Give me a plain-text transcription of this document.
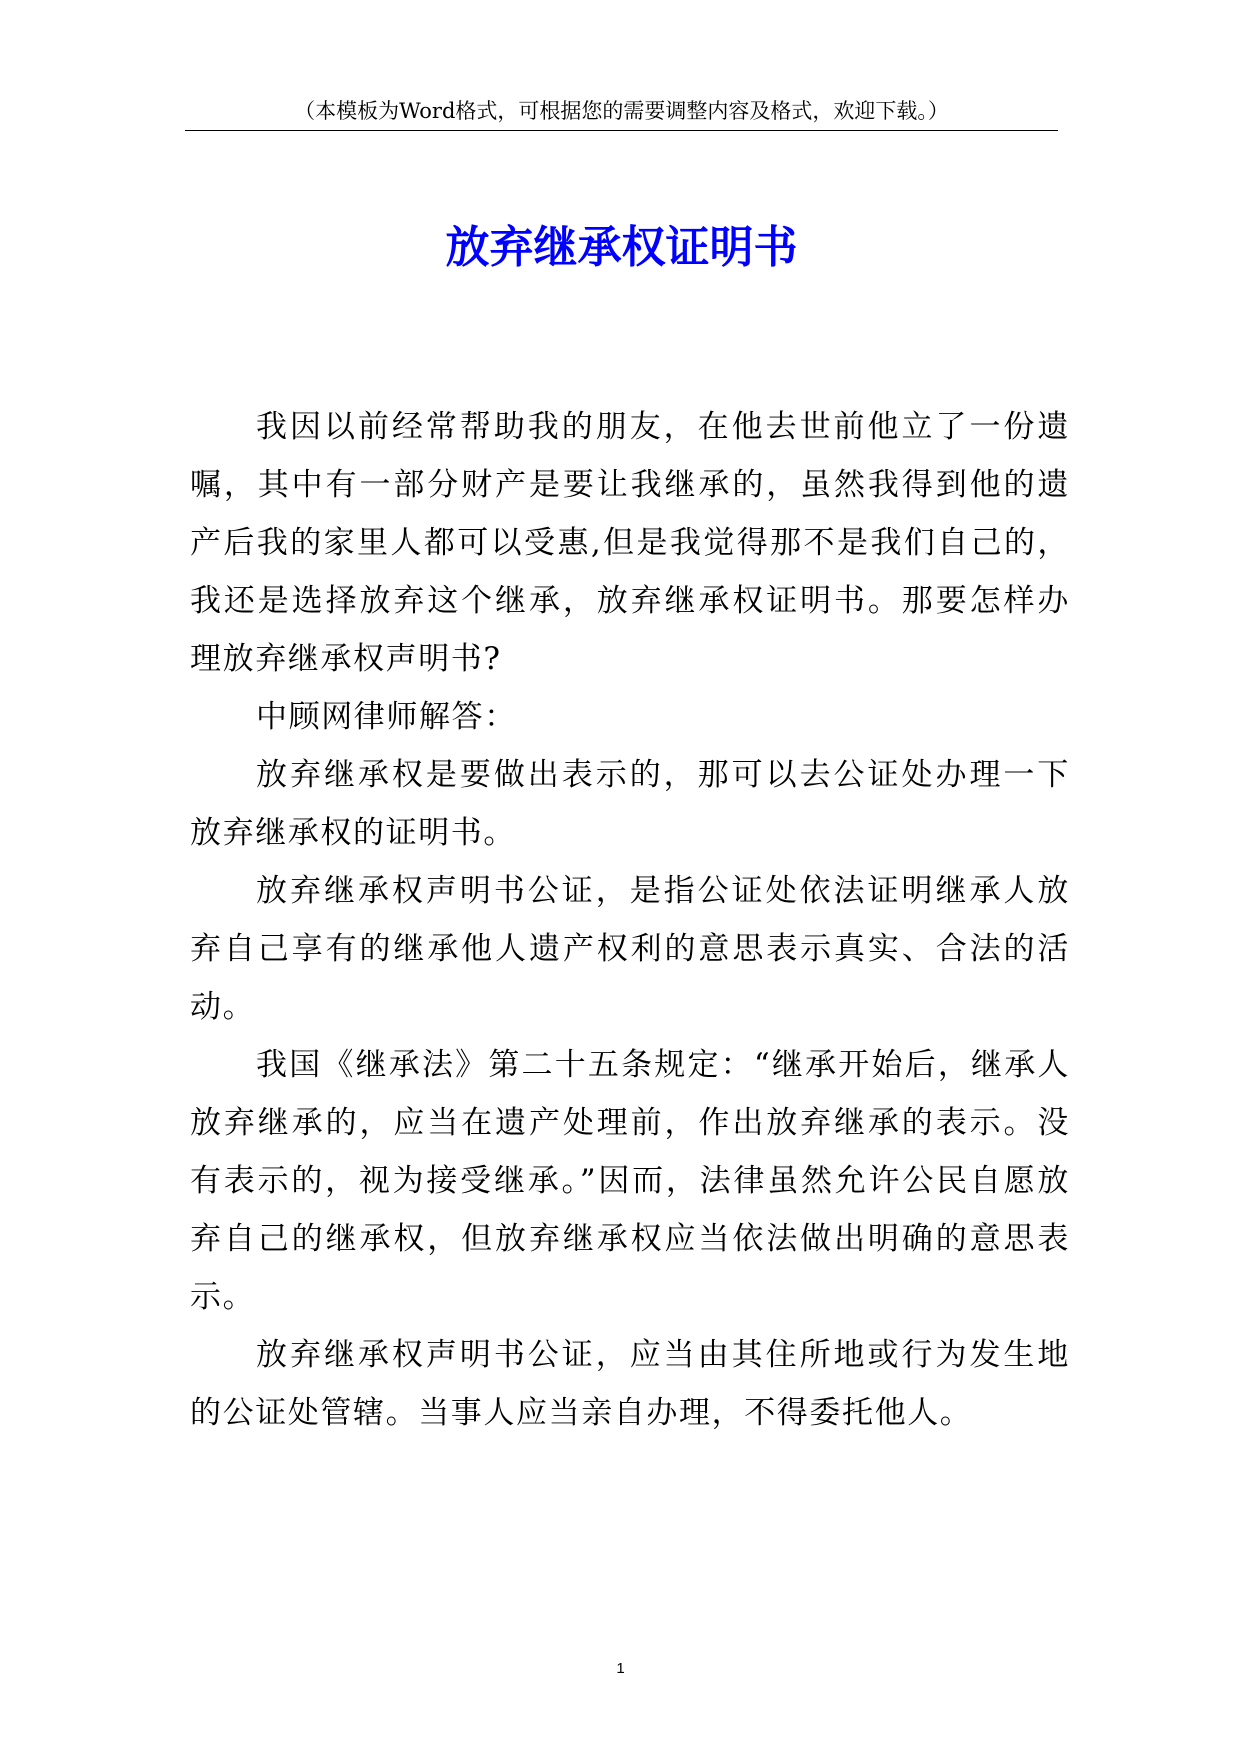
（本模板为Word格式，可根据您的需要调整内容及格式，欢迎下载。）
放弃继承权证明书

我因以前经常帮助我的朋友，在他去世前他立了一份遗嘱，其中有一部分财产是要让我继承的，虽然我得到他的遗产后我的家里人都可以受惠,但是我觉得那不是我们自己的，我还是选择放弃这个继承，放弃继承权证明书。那要怎样办理放弃继承权声明书?

中顾网律师解答：

放弃继承权是要做出表示的，那可以去公证处办理一下放弃继承权的证明书。

放弃继承权声明书公证，是指公证处依法证明继承人放弃自己享有的继承他人遗产权利的意思表示真实、合法的活动。

我国《继承法》第二十五条规定：“继承开始后，继承人放弃继承的，应当在遗产处理前，作出放弃继承的表示。没有表示的，视为接受继承。”因而，法律虽然允许公民自愿放弃自己的继承权，但放弃继承权应当依法做出明确的意思表示。

放弃继承权声明书公证，应当由其住所地或行为发生地的公证处管辖。当事人应当亲自办理，不得委托他人。

1
